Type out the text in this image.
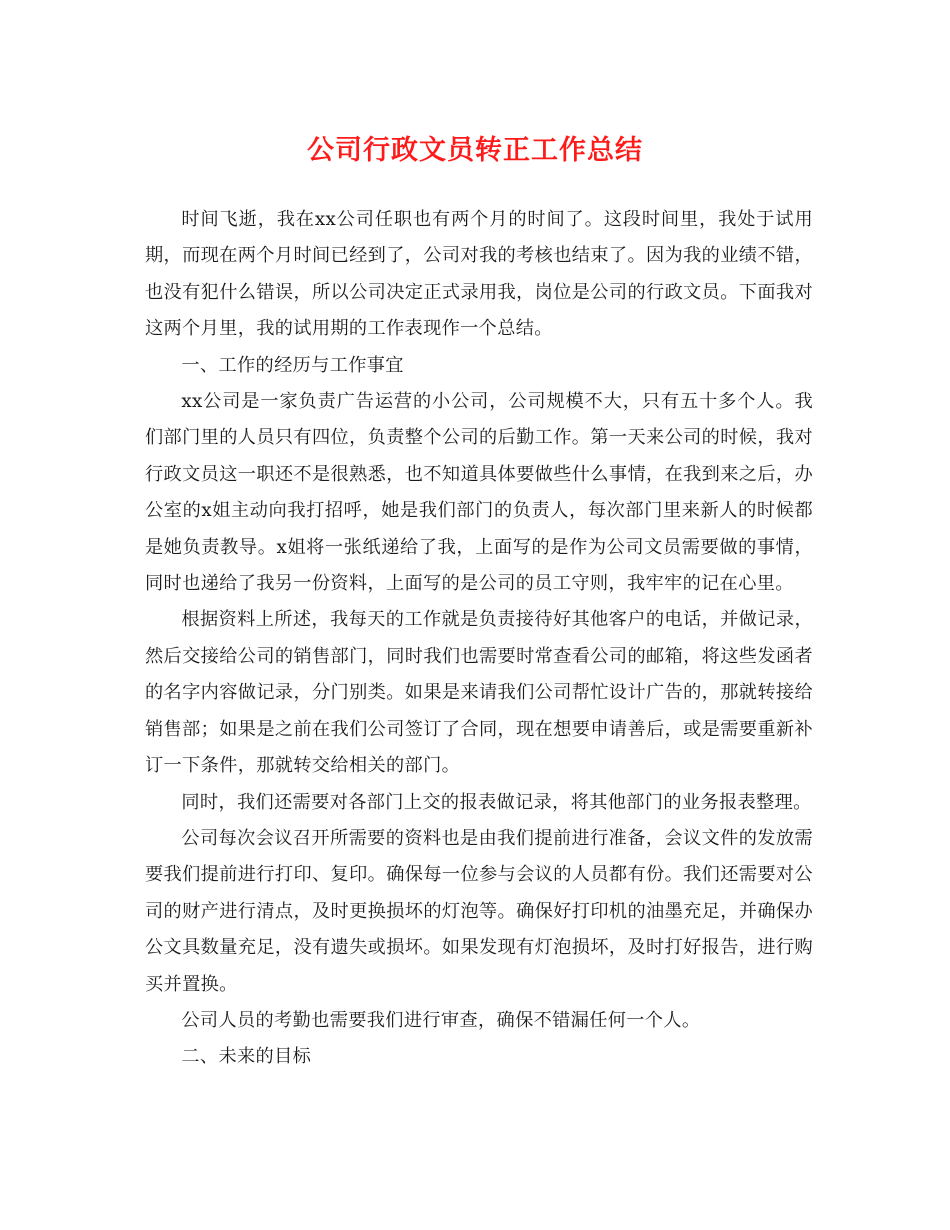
公司行政文员转正工作总结

时间飞逝，我在xx公司任职也有两个月的时间了。这段时间里，我处于试用期，而现在两个月时间已经到了，公司对我的考核也结束了。因为我的业绩不错，也没有犯什么错误，所以公司决定正式录用我，岗位是公司的行政文员。下面我对这两个月里，我的试用期的工作表现作一个总结。

一、工作的经历与工作事宜

xx公司是一家负责广告运营的小公司，公司规模不大，只有五十多个人。我们部门里的人员只有四位，负责整个公司的后勤工作。第一天来公司的时候，我对行政文员这一职还不是很熟悉，也不知道具体要做些什么事情，在我到来之后，办公室的x姐主动向我打招呼，她是我们部门的负责人，每次部门里来新人的时候都是她负责教导。x姐将一张纸递给了我，上面写的是作为公司文员需要做的事情，同时也递给了我另一份资料，上面写的是公司的员工守则，我牢牢的记在心里。

根据资料上所述，我每天的工作就是负责接待好其他客户的电话，并做记录，然后交接给公司的销售部门，同时我们也需要时常查看公司的邮箱，将这些发函者的名字内容做记录，分门别类。如果是来请我们公司帮忙设计广告的，那就转接给销售部；如果是之前在我们公司签订了合同，现在想要申请善后，或是需要重新补订一下条件，那就转交给相关的部门。

同时，我们还需要对各部门上交的报表做记录，将其他部门的业务报表整理。

公司每次会议召开所需要的资料也是由我们提前进行准备，会议文件的发放需要我们提前进行打印、复印。确保每一位参与会议的人员都有份。我们还需要对公司的财产进行清点，及时更换损坏的灯泡等。确保好打印机的油墨充足，并确保办公文具数量充足，没有遗失或损坏。如果发现有灯泡损坏，及时打好报告，进行购买并置换。

公司人员的考勤也需要我们进行审查，确保不错漏任何一个人。

二、未来的目标
